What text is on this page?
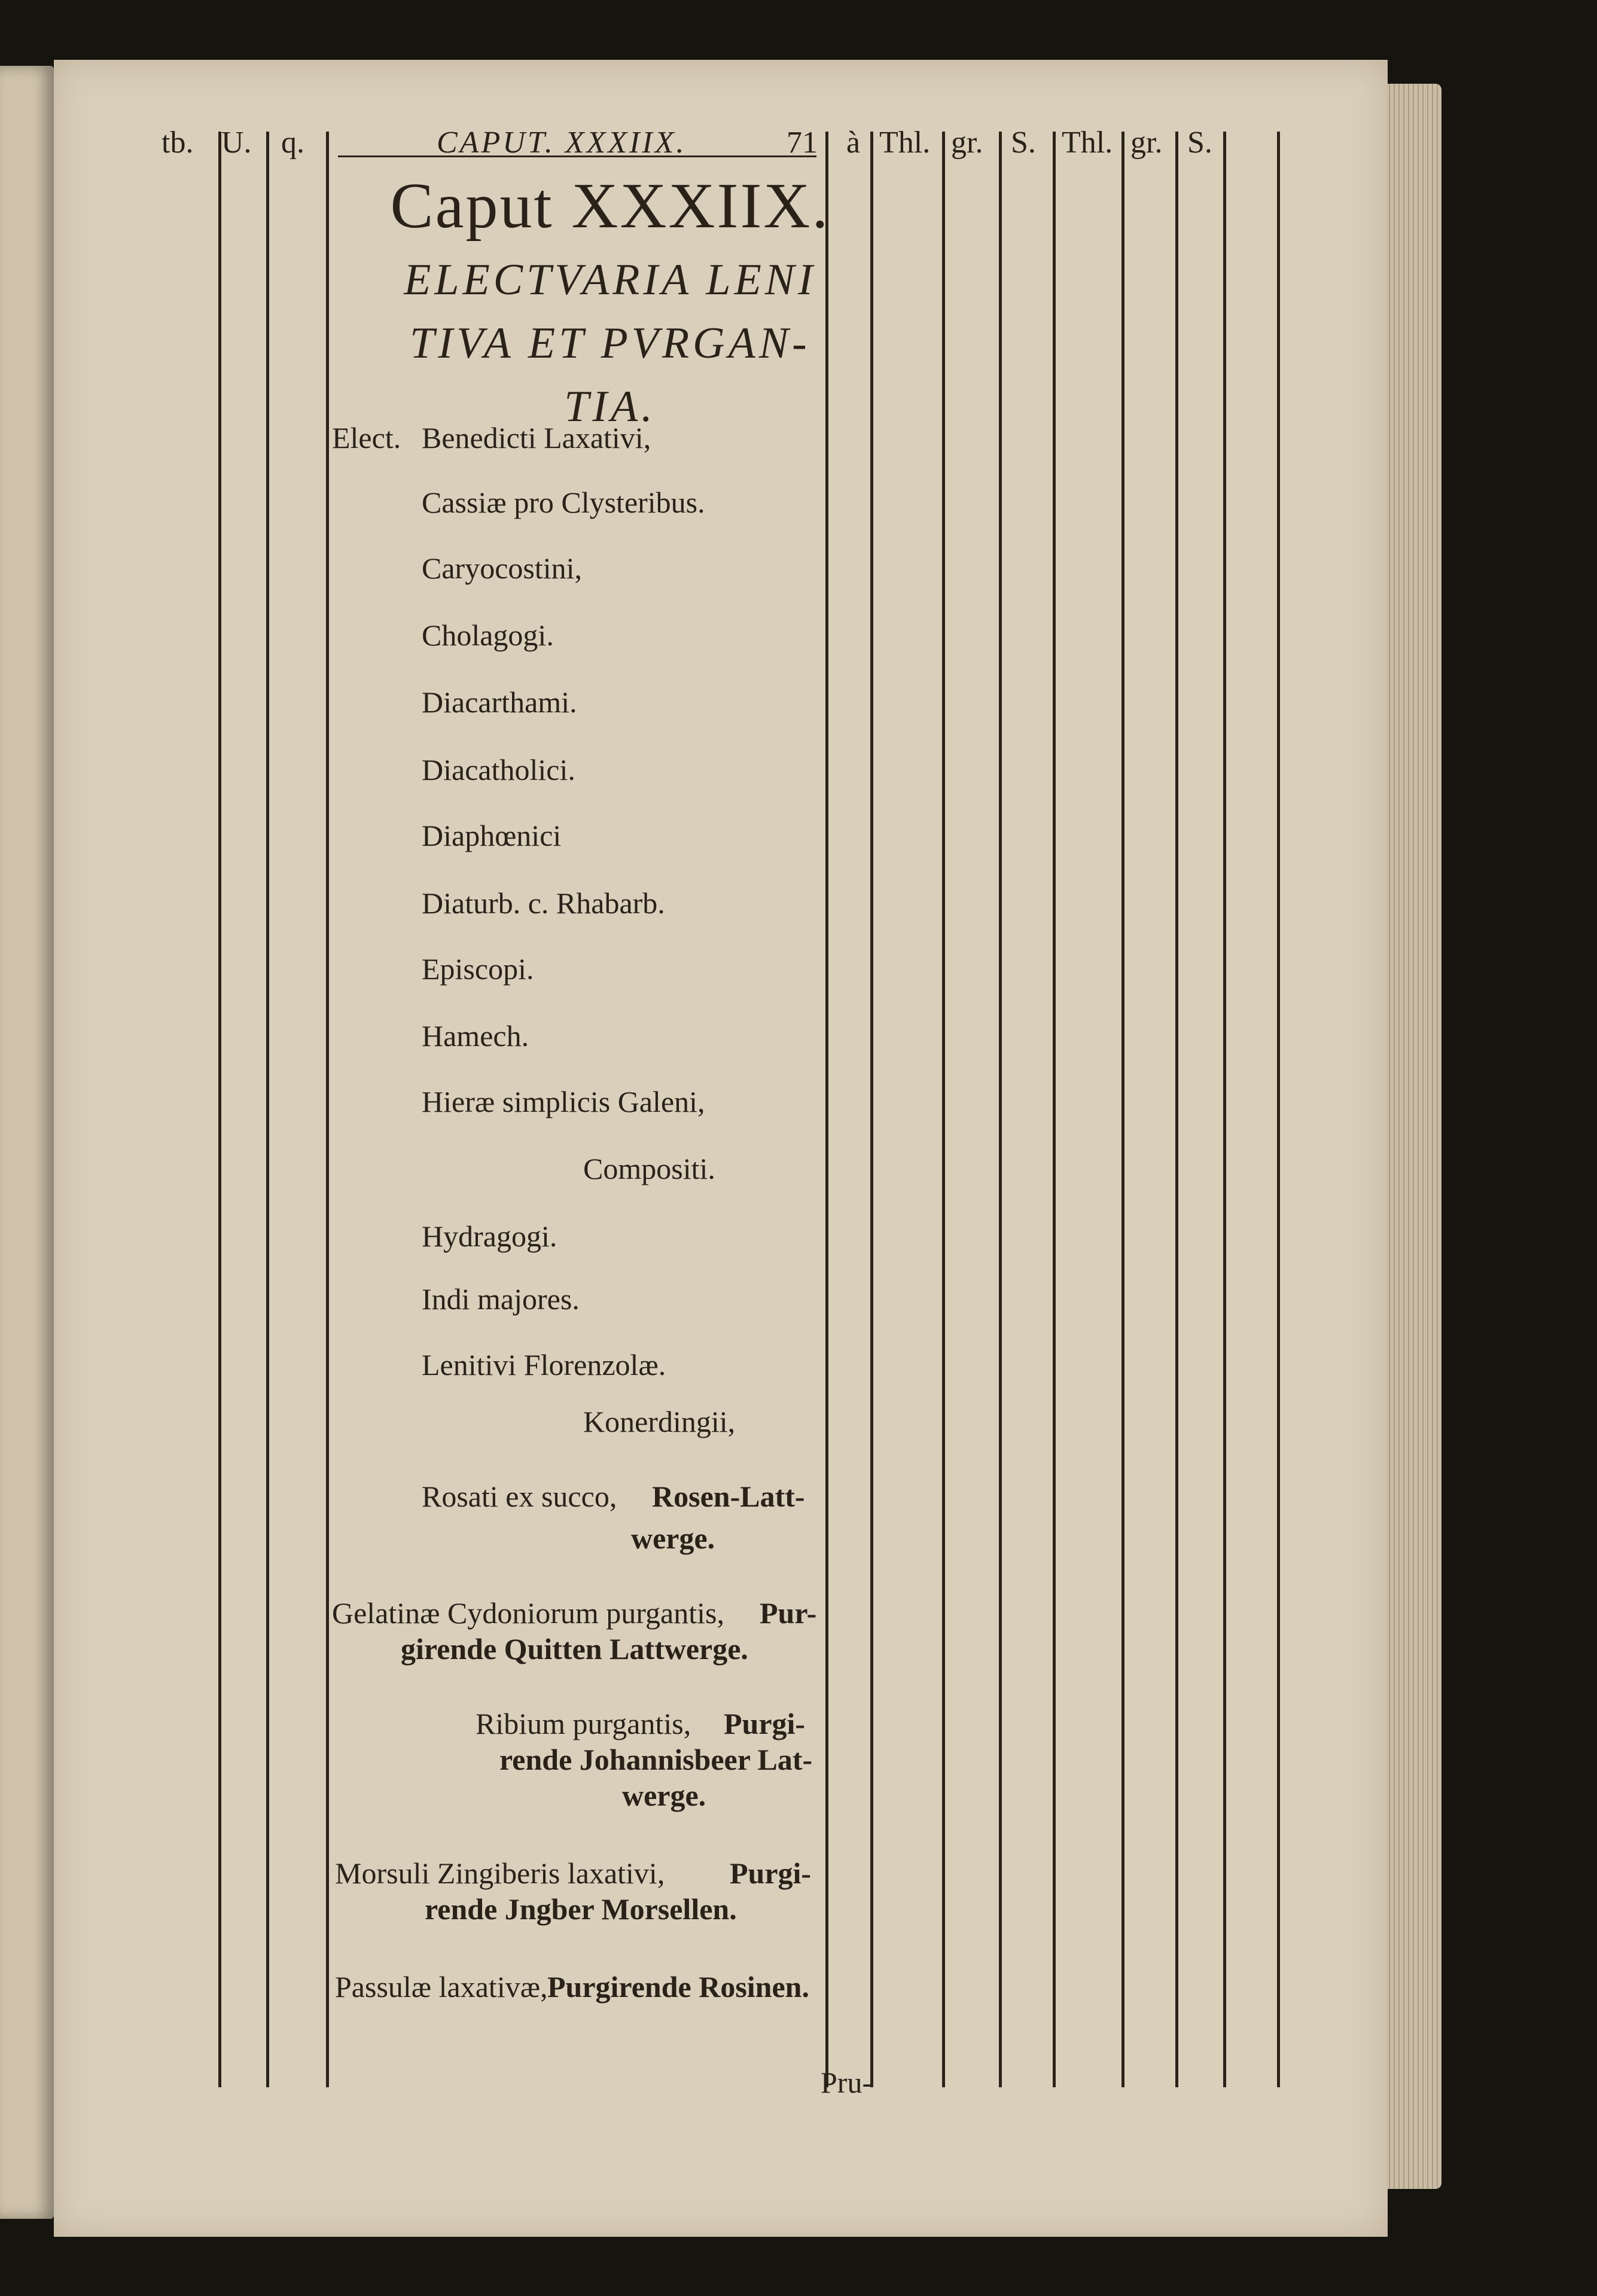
tb. U. q.	CAPUT. XXXIIX.	71 à Thl. gr. S. Thl. gr. S.
Caput XXXIIX.
ELECTVARIA LENI
TIVA ET PVRGAN-
TIA.
Elect. Benedicti Laxativi,
Cassiæ pro Clysteribus.
Caryocostini,
Cholagogi.
Diacarthami.
Diacatholici.
Diaphœnici
Diaturb. c. Rhabarb.
Episcopi.
Hamech.
Hieræ simplicis Galeni,
Compositi.
Hydragogi.
Indi majores.
Lenitivi Florenzolæ.
Konerdingii,
Rosati ex succo, Rosen-Latt-
werge.
Gelatinæ Cydoniorum purgantis, Pur-
girende Quitten Lattwerge.
Ribium purgantis, Purgi-
rende Johannisbeer Lat-
werge.
Morsuli Zingiberis laxativi, Purgi-
rende Jngber Morsellen.
Passulæ laxativæ, Purgirende Rosinen.
Pru-
